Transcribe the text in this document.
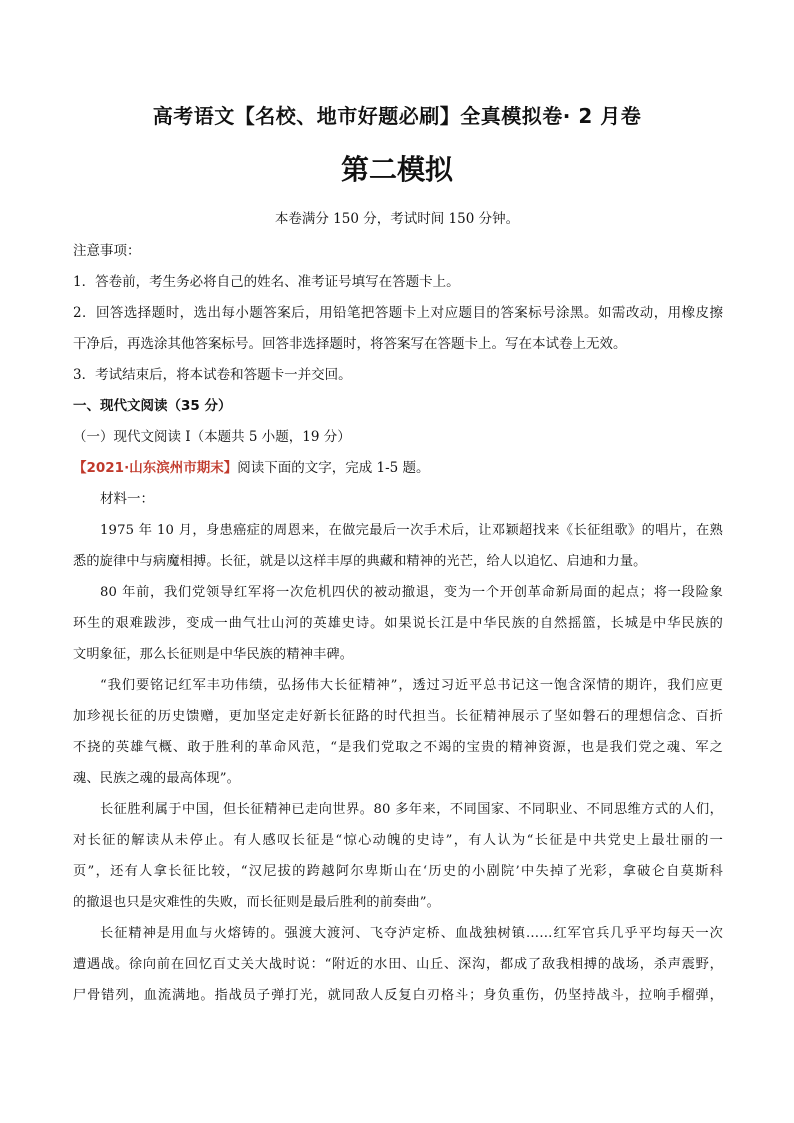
高考语文【名校、地市好题必刷】全真模拟卷· 2 月卷
第二模拟
本卷满分 150 分，考试时间 150 分钟。
注意事项：
1．答卷前，考生务必将自己的姓名、准考证号填写在答题卡上。
2．回答选择题时，选出每小题答案后，用铅笔把答题卡上对应题目的答案标号涂黑。如需改动，用橡皮擦
干净后，再选涂其他答案标号。回答非选择题时，将答案写在答题卡上。写在本试卷上无效。
3．考试结束后，将本试卷和答题卡一并交回。
一、现代文阅读（35 分）
（一）现代文阅读 I（本题共 5 小题，19 分）
【2021·山东滨州市期末】阅读下面的文字，完成 1-5 题。
材料一：
1975 年 10 月，身患癌症的周恩来，在做完最后一次手术后，让邓颖超找来《长征组歌》的唱片，在熟
悉的旋律中与病魔相搏。长征，就是以这样丰厚的典藏和精神的光芒，给人以追忆、启迪和力量。
80 年前，我们党领导红军将一次危机四伏的被动撤退，变为一个开创革命新局面的起点；将一段险象
环生的艰难跋涉，变成一曲气壮山河的英雄史诗。如果说长江是中华民族的自然摇篮，长城是中华民族的
文明象征，那么长征则是中华民族的精神丰碑。
“我们要铭记红军丰功伟绩，弘扬伟大长征精神”，透过习近平总书记这一饱含深情的期许，我们应更
加珍视长征的历史馈赠，更加坚定走好新长征路的时代担当。长征精神展示了坚如磐石的理想信念、百折
不挠的英雄气概、敢于胜利的革命风范，“是我们党取之不竭的宝贵的精神资源，也是我们党之魂、军之
魂、民族之魂的最高体现”。
长征胜利属于中国，但长征精神已走向世界。80 多年来，不同国家、不同职业、不同思维方式的人们，
对长征的解读从未停止。有人感叹长征是“惊心动魄的史诗”，有人认为“长征是中共党史上最壮丽的一
页”，还有人拿长征比较，“汉尼拔的跨越阿尔卑斯山在‘历史的小剧院’中失掉了光彩，拿破仑自莫斯科
的撤退也只是灾难性的失败，而长征则是最后胜利的前奏曲”。
长征精神是用血与火熔铸的。强渡大渡河、飞夺泸定桥、血战独树镇……红军官兵几乎平均每天一次
遭遇战。徐向前在回忆百丈关大战时说：“附近的水田、山丘、深沟，都成了敌我相搏的战场，杀声震野，
尸骨错列，血流满地。指战员子弹打光，就同敌人反复白刃格斗；身负重伤，仍坚持战斗，拉响手榴弹，
